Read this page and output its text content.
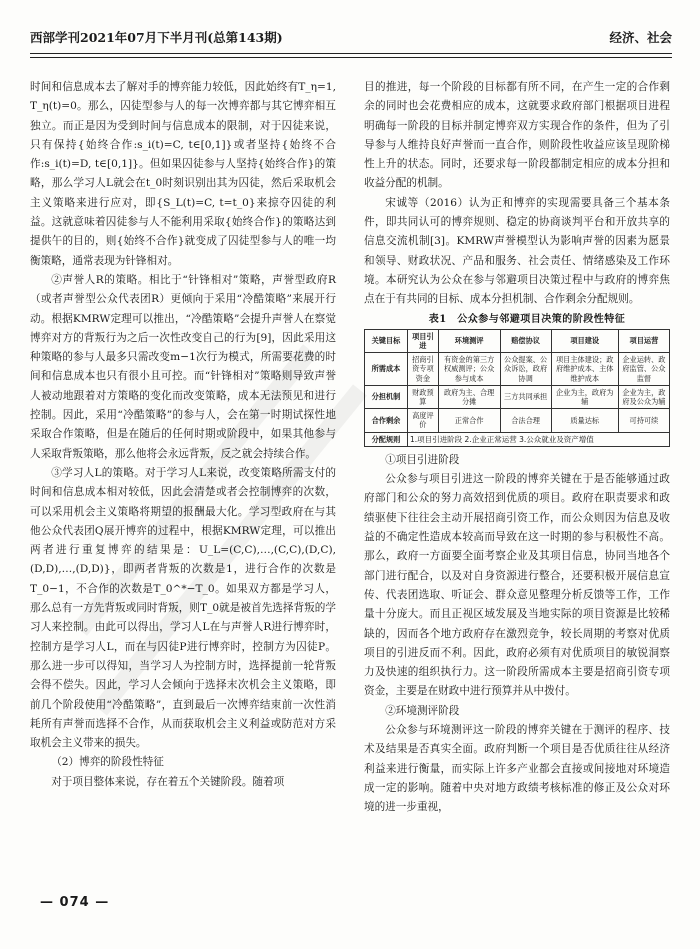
西部学刊2021年07月下半月刊(总第143期)	经济、社会

时间和信息成本去了解对手的博弈能力较低，因此始终有T_η=1, T_η(t)=0。那么，囚徒型参与人的每一次博弈都与其它博弈相互独立。而正是因为受到时间与信息成本的限制，对于囚徒来说，只有保持{始终合作:s_i(t)=C, t∈[0,1]}或者坚持{始终不合作:s_i(t)=D, t∈[0,1]}。但如果囚徒参与人坚持{始终合作}的策略，那么学习人L就会在t_0时刻识别出其为囚徒，然后采取机会主义策略来进行应对，即{S_L(t)=C, t=t_0}来掠夺囚徒的利益。这就意味着囚徒参与人不能利用采取{始终合作}的策略达到提供午的目的，则{始终不合作}就变成了囚徒型参与人的唯一均衡策略，通常表现为针锋相对。

②声誉人R的策略。相比于“针锋相对”策略，声誉型政府R（或者声誉型公众代表团R）更倾向于采用“冷酷策略”来展开行动。根据KMRW定理可以推出，“冷酷策略”会提升声誉人在察觉博弈对方的背叛行为之后一次性改变自己的行为[9]，因此采用这种策略的参与人最多只需改变m−1次行为模式，所需要花费的时间和信息成本也只有很小且可控。而“针锋相对”策略则导致声誉人被动地跟着对方策略的变化而改变策略，成本无法预见和进行控制。因此，采用“冷酷策略”的参与人，会在第一时期试探性地采取合作策略，但是在随后的任何时期或阶段中，如果其他参与人采取背叛策略，那么他将会永远背叛，反之就会持续合作。

③学习人L的策略。对于学习人L来说，改变策略所需支付的时间和信息成本相对较低，因此会清楚或者会控制博弈的次数，可以采用机会主义策略将期望的报酬最大化。学习型政府在与其他公众代表团Q展开博弈的过程中，根据KMRW定理，可以推出两者进行重复博弈的结果是：U_L=(C,C),…,(C,C),(D,C),(D,D),…,(D,D)}，即两者背叛的次数是1，进行合作的次数是T_0−1，不合作的次数是T_0^*−T_0。如果双方都是学习人，那么总有一方先背叛或同时背叛，则T_0就是被首先选择背叛的学习人来控制。由此可以得出，学习人L在与声誉人R进行博弈时，控制方是学习人L，而在与囚徒P进行博弈时，控制方为囚徒P。那么进一步可以得知，当学习人为控制方时，选择提前一轮背叛会得不偿失。因此，学习人会倾向于选择末次机会主义策略，即前几个阶段使用“冷酷策略”，直到最后一次博弈结束前一次性消耗所有声誉而选择不合作，从而获取机会主义利益或防范对方采取机会主义带来的损失。

（2）博弈的阶段性特征

对于项目整体来说，存在着五个关键阶段。随着项

目的推进，每一个阶段的目标都有所不同，在产生一定的合作剩余的同时也会花费相应的成本，这就要求政府部门根据项目进程明确每一阶段的目标并制定博弈双方实现合作的条件，但为了引导参与人维持良好声誉而一直合作，则阶段性收益应该呈现阶梯性上升的状态。同时，还要求每一阶段都制定相应的成本分担和收益分配的机制。

宋诚等（2016）认为正和博弈的实现需要具备三个基本条件，即共同认可的博弈规则、稳定的协商谈判平台和开放共享的信息交流机制[3]。KMRW声誉模型认为影响声誉的因素为愿景和领导、财政状况、产品和服务、社会责任、情绪感染及工作环境。本研究认为公众在参与邻避项目决策过程中与政府的博弈焦点在于有共同的目标、成本分担机制、合作剩余分配规则。

表1　公众参与邻避项目决策的阶段性特征

关键目标	项目引进	环境测评	赔偿协议	项目建设	项目运营
所需成本	招商引资专项资金	有资金的第三方权威测评；公众参与成本	公众提案、公众诉讼，政府协调	项目主体建设；政府维护成本、主体维护成本	企业运转、政府监管、公众监督
分担机制	财政预算	政府为主、合理分摊	三方共同承担	企业为主，政府为辅	企业为主，政府及公众为辅
合作剩余	高度评价	正常合作	合法合理	质量达标	可持可续
分配规则	1.项目引进阶段 2.企业正常运营 3.公众就业及资产增值				

①项目引进阶段

公众参与项目引进这一阶段的博弈关键在于是否能够通过政府部门和公众的努力高效招到优质的项目。政府在职责要求和政绩驱使下往往会主动开展招商引资工作，而公众则因为信息及收益的不确定性造成本较高而导致在这一时期的参与积极性不高。那么，政府一方面要全面考察企业及其项目信息，协同当地各个部门进行配合，以及对自身资源进行整合，还要积极开展信息宣传、代表团选取、听证会、群众意见整理分析反馈等工作，工作量十分庞大。而且正视区域发展及当地实际的项目资源是比较稀缺的，因而各个地方政府存在激烈竞争，较长周期的考察对优质项目的引进反而不利。因此，政府必须有对优质项目的敏锐洞察力及快速的组织执行力。这一阶段所需成本主要是招商引资专项资金，主要是在财政中进行预算并从中拨付。

②环境测评阶段

公众参与环境测评这一阶段的博弈关键在于测评的程序、技术及结果是否真实全面。政府判断一个项目是否优质往往从经济利益来进行衡量，而实际上许多产业都会直接或间接地对环境造成一定的影响。随着中央对地方政绩考核标准的修正及公众对环境的进一步重视，

— 074 —
